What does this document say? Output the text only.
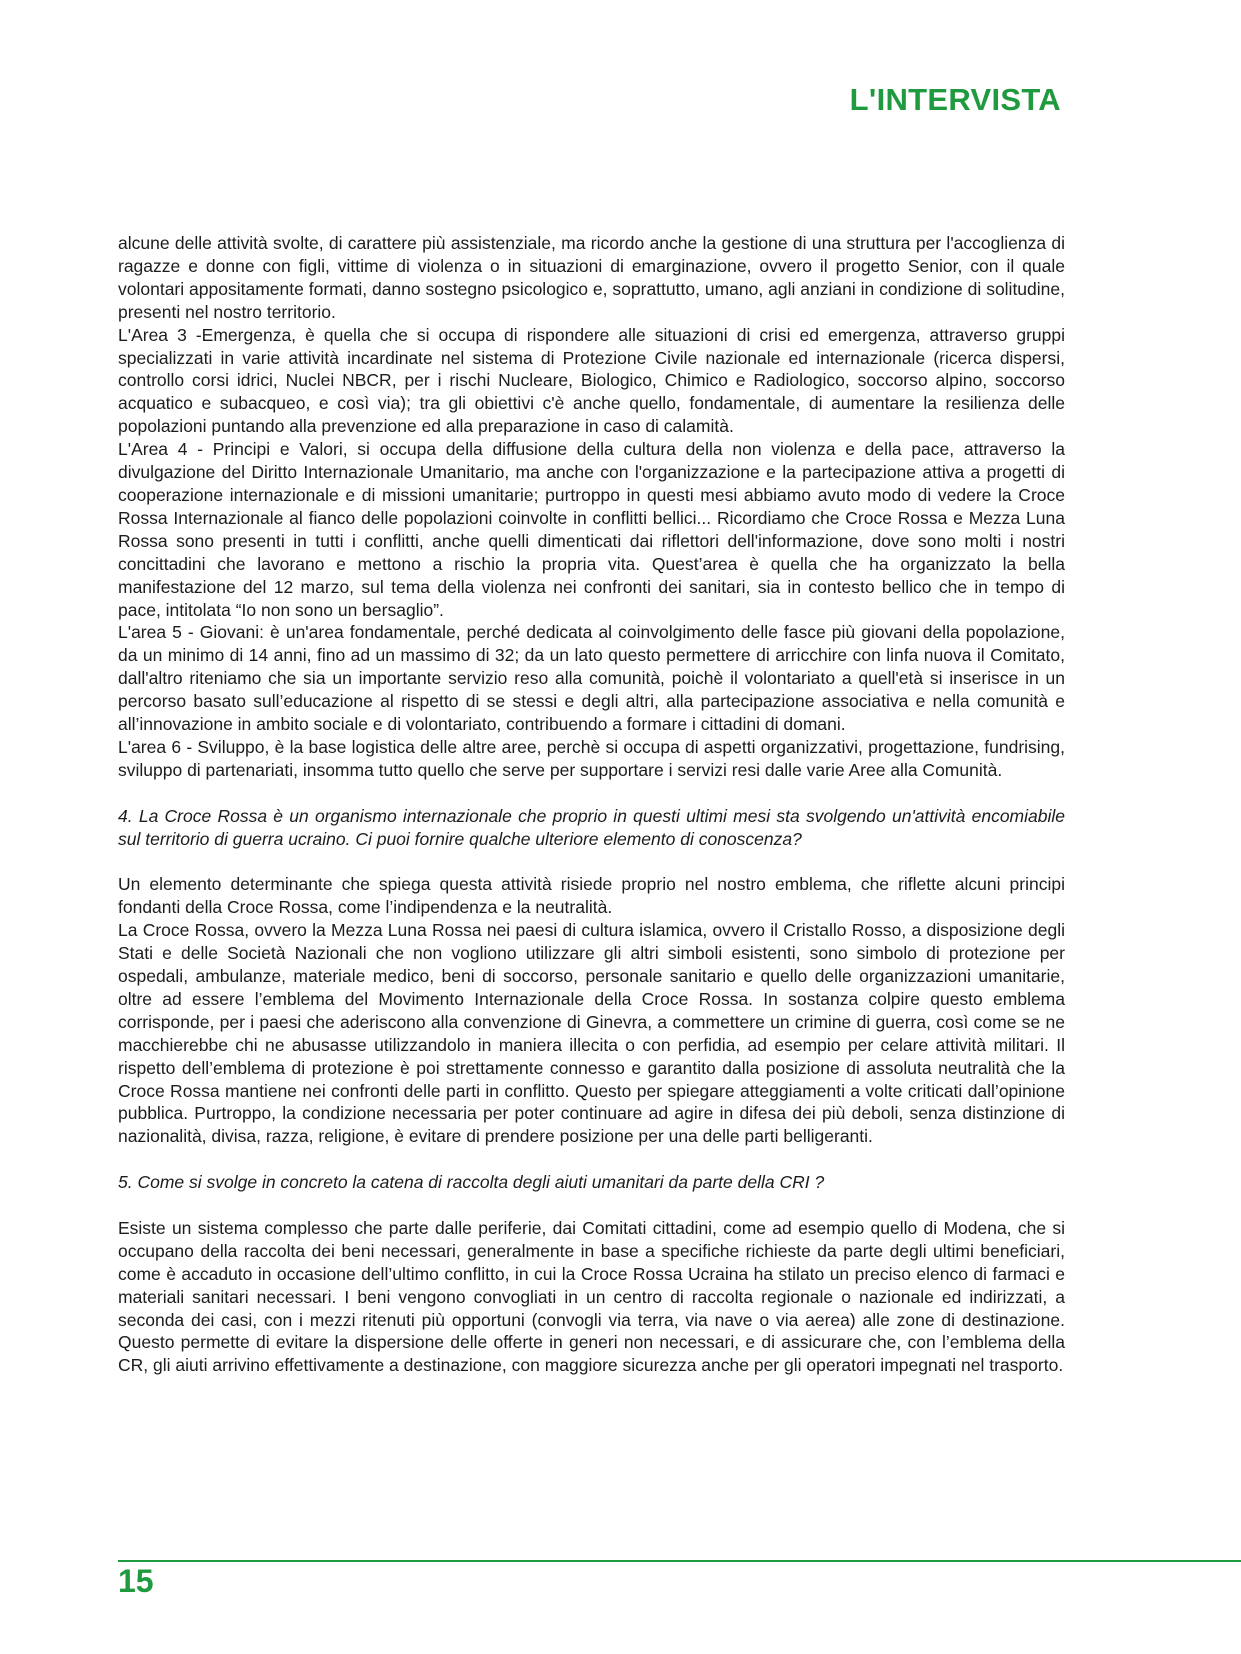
L'INTERVISTA

alcune delle attività svolte, di carattere più assistenziale, ma ricordo anche la gestione di una struttura per l'accoglienza di ragazze e donne con figli, vittime di violenza o in situazioni di emarginazione, ovvero il progetto Senior, con il quale volontari appositamente formati, danno sostegno psicologico e, soprattutto, umano, agli anziani in condizione di solitudine, presenti nel nostro territorio.

L'Area 3 -Emergenza, è quella che si occupa di rispondere alle situazioni di crisi ed emergenza, attraverso gruppi specializzati in varie attività incardinate nel sistema di Protezione Civile nazionale ed internazionale (ricerca dispersi, controllo corsi idrici, Nuclei NBCR, per i rischi Nucleare, Biologico, Chimico e Radiologico, soccorso alpino, soccorso acquatico e subacqueo, e così via); tra gli obiettivi c'è anche quello, fondamentale, di aumentare la resilienza delle popolazioni puntando alla prevenzione ed alla preparazione in caso di calamità.

L'Area 4 - Principi e Valori, si occupa della diffusione della cultura della non violenza e della pace, attraverso la divulgazione del Diritto Internazionale Umanitario, ma anche con l'organizzazione e la partecipazione attiva a progetti di cooperazione internazionale e di missioni umanitarie; purtroppo in questi mesi abbiamo avuto modo di vedere la Croce Rossa Internazionale al fianco delle popolazioni coinvolte in conflitti bellici... Ricordiamo che Croce Rossa e Mezza Luna Rossa sono presenti in tutti i conflitti, anche quelli dimenticati dai riflettori dell'informazione, dove sono molti i nostri concittadini che lavorano e mettono a rischio la propria vita. Quest’area è quella che ha organizzato la bella manifestazione del 12 marzo, sul tema della violenza nei confronti dei sanitari, sia in contesto bellico che in tempo di pace, intitolata “Io non sono un bersaglio”.

L'area 5 - Giovani: è un'area fondamentale, perché dedicata al coinvolgimento delle fasce più giovani della popolazione, da un minimo di 14 anni, fino ad un massimo di 32; da un lato questo permettere di arricchire con linfa nuova il Comitato, dall'altro riteniamo che sia un importante servizio reso alla comunità, poichè il volontariato a quell'età si inserisce in un percorso basato sull’educazione al rispetto di se stessi e degli altri, alla partecipazione associativa e nella comunità e all’innovazione in ambito sociale e di volontariato, contribuendo a formare i cittadini di domani.

L'area 6 - Sviluppo, è la base logistica delle altre aree, perchè si occupa di aspetti organizzativi, progettazione, fundrising, sviluppo di partenariati, insomma tutto quello che serve per supportare i servizi resi dalle varie Aree alla Comunità.

4. La Croce Rossa è un organismo internazionale che proprio in questi ultimi mesi sta svolgendo un'attività encomiabile sul territorio di guerra ucraino. Ci puoi fornire qualche ulteriore elemento di conoscenza?

Un elemento determinante che spiega questa attività risiede proprio nel nostro emblema, che riflette alcuni principi fondanti della Croce Rossa, come l’indipendenza e la neutralità.

La Croce Rossa, ovvero la Mezza Luna Rossa nei paesi di cultura islamica, ovvero il Cristallo Rosso, a disposizione degli Stati e delle Società Nazionali che non vogliono utilizzare gli altri simboli esistenti, sono simbolo di protezione per ospedali, ambulanze, materiale medico, beni di soccorso, personale sanitario e quello delle organizzazioni umanitarie, oltre ad essere l’emblema del Movimento Internazionale della Croce Rossa. In sostanza colpire questo emblema corrisponde, per i paesi che aderiscono alla convenzione di Ginevra, a commettere un crimine di guerra, così come se ne macchierebbe chi ne abusasse utilizzandolo in maniera illecita o con perfidia, ad esempio per celare attività militari. Il rispetto dell’emblema di protezione è poi strettamente connesso e garantito dalla posizione di assoluta neutralità che la Croce Rossa mantiene nei confronti delle parti in conflitto. Questo per spiegare atteggiamenti a volte criticati dall’opinione pubblica. Purtroppo, la condizione necessaria per poter continuare ad agire in difesa dei più deboli, senza distinzione di nazionalità, divisa, razza, religione, è evitare di prendere posizione per una delle parti belligeranti.

5. Come si svolge in concreto la catena di raccolta degli aiuti umanitari da parte della CRI ?

Esiste un sistema complesso che parte dalle periferie, dai Comitati cittadini, come ad esempio quello di Modena, che si occupano della raccolta dei beni necessari, generalmente in base a specifiche richieste da parte degli ultimi beneficiari, come è accaduto in occasione dell’ultimo conflitto, in cui la Croce Rossa Ucraina ha stilato un preciso elenco di farmaci e materiali sanitari necessari. I beni vengono convogliati in un centro di raccolta regionale o nazionale ed indirizzati, a seconda dei casi, con i mezzi ritenuti più opportuni (convogli via terra, via nave o via aerea) alle zone di destinazione. Questo permette di evitare la dispersione delle offerte in generi non necessari, e di assicurare che, con l’emblema della CR, gli aiuti arrivino effettivamente a destinazione, con maggiore sicurezza anche per gli operatori impegnati nel trasporto.

15
